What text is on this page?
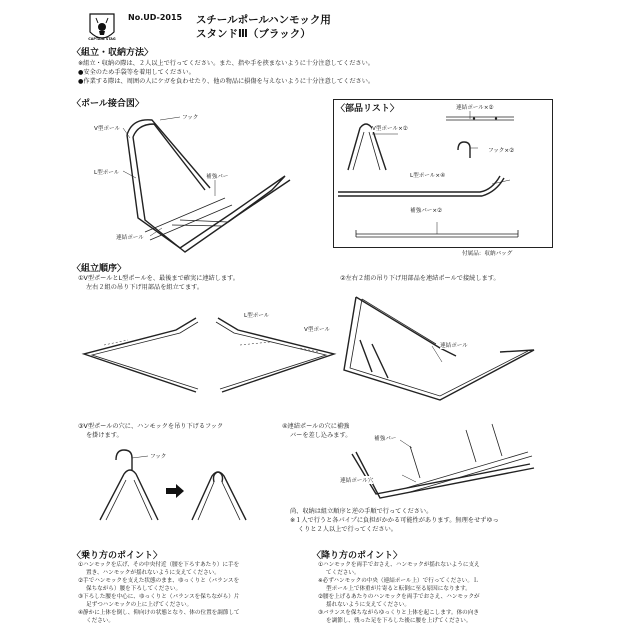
CAPTAIN STAG
No.UD-2015 スチールポールハンモック用
スタンドⅢ（ブラック）
〈組立・収納方法〉
※組立・収納の際は、２人以上で行ってください。また、指や手を挟まないように十分注意してください。
●安全のため手袋等を着用してください。
●作業する際は、周囲の人にケガを負わせたり、他の物品に損傷を与えないように十分注意してください。
〈ポール接合図〉
フック
V型ポール
L型ポール
補強バー
連結ポール
〈部品リスト〉
V型ポール×②
連結ポール×②
フック×②
L型ポール×④
補強バー×②
付属品：収納バッグ
〈組立順序〉
①V型ポールとL型ポールを、最後まで確実に連結します。
左右２組の吊り下げ用部品を組立てます。
②左右２組の吊り下げ用部品を連結ポールで接続します。
L型ポール
V型ポール
連結ポール
③V型ポールの穴に、ハンモックを吊り下げるフック
を掛けます。
フック
④連結ポールの穴に補強
バーを差し込みます。	補強バー
連結ポール穴
尚、収納は組立順序と逆の手順で行ってください。
※１人で行うと各パイプに負担がかかる可能性があります。無理をせずゆっ
くりと２人以上で行ってください。
〈乗り方のポイント〉
①ハンモックを広げ、その中央付近（腰を下ろすあたり）に手を
置き、ハンモックが揺れないように支えてください。
②手でハンモックを支えた状態のまま、ゆっくりと（バランスを
保ちながら）腰を下ろしてください。
③下ろした腰を中心に、ゆっくりと（バランスを保ちながら）片
足ずつハンモックの上に上げてください。
④静かに上体を倒し、仰向けの状態となり、体の位置を調節して
ください。
〈降り方のポイント〉
①ハンモックを両手でおさえ、ハンモックが揺れないように支え
てください。
※必ずハンモックの中央（連結ポール上）で行ってください。Ｌ
型ポール上で体重が片寄ると転倒に至る原因になります。
②腰を上げるあたりのハンモックを両手でおさえ、ハンモックが
揺れないように支えてください。
③バランスを保ちながらゆっくりと上体を起こします。体の向き
を調節し、残った足を下ろした後に腰を上げてください。
